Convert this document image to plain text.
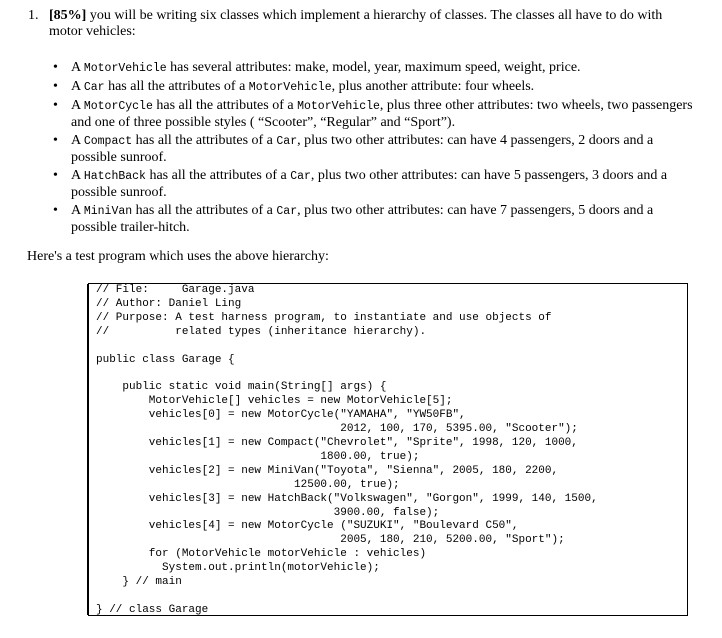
1. [85%] you will be writing six classes which implement a hierarchy of classes. The classes all have to do with motor vehicles:
• A MotorVehicle has several attributes: make, model, year, maximum speed, weight, price.
• A Car has all the attributes of a MotorVehicle, plus another attribute: four wheels.
• A MotorCycle has all the attributes of a MotorVehicle, plus three other attributes: two wheels, two passengers and one of three possible styles ( “Scooter”, “Regular” and “Sport”).
• A Compact has all the attributes of a Car, plus two other attributes: can have 4 passengers, 2 doors and a possible sunroof.
• A HatchBack has all the attributes of a Car, plus two other attributes: can have 5 passengers, 3 doors and a possible sunroof.
• A MiniVan has all the attributes of a Car, plus two other attributes: can have 7 passengers, 5 doors and a possible trailer-hitch.
Here's a test program which uses the above hierarchy:
// File:     Garage.java
// Author: Daniel Ling
// Purpose: A test harness program, to instantiate and use objects of
//          related types (inheritance hierarchy).

public class Garage {

public static void main(String[] args) {
MotorVehicle[] vehicles = new MotorVehicle[5];
vehicles[0] = new MotorCycle("YAMAHA", "YW50FB",
2012, 100, 170, 5395.00, "Scooter");
vehicles[1] = new Compact("Chevrolet", "Sprite", 1998, 120, 1000,
1800.00, true);
vehicles[2] = new MiniVan("Toyota", "Sienna", 2005, 180, 2200,
12500.00, true);
vehicles[3] = new HatchBack("Volkswagen", "Gorgon", 1999, 140, 1500,
3900.00, false);
vehicles[4] = new MotorCycle ("SUZUKI", "Boulevard C50",
2005, 180, 210, 5200.00, "Sport");
for (MotorVehicle motorVehicle : vehicles)
System.out.println(motorVehicle);
} // main

} // class Garage
